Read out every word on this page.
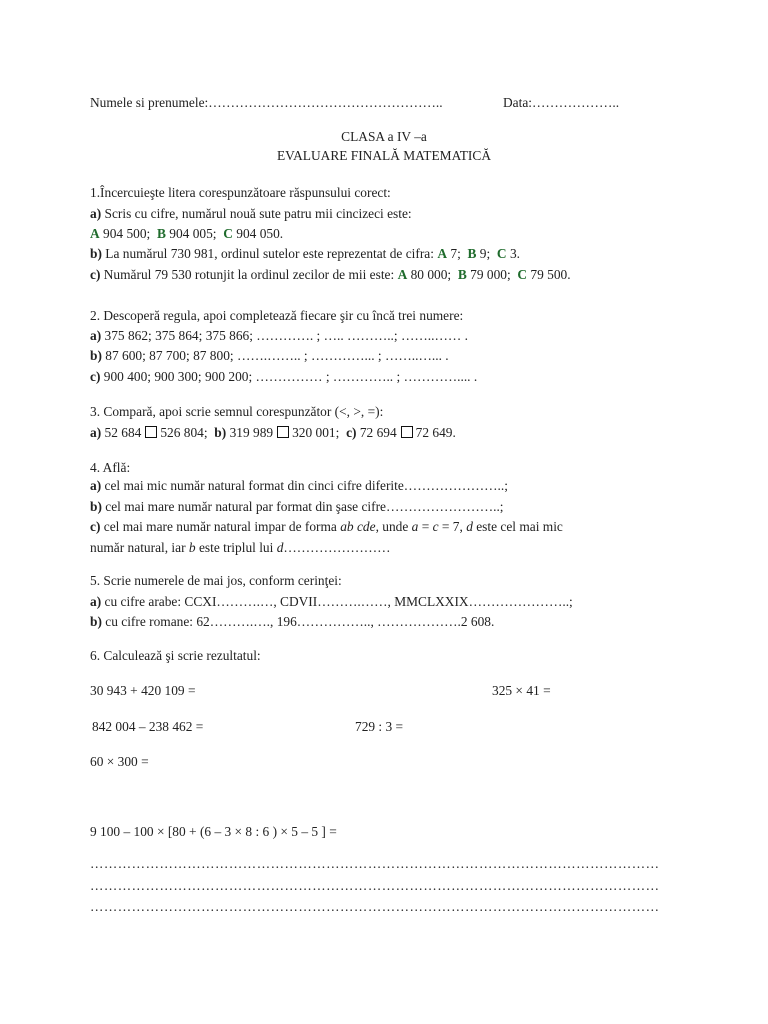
Numele si prenumele:……………………………………………..	Data:………………..
CLASA a IV –a
EVALUARE FINALĂ MATEMATICĂ
1.Încercuieşte litera corespunzătoare răspunsului corect:
a) Scris cu cifre, numărul nouă sute patru mii cincizeci este:
A 904 500; B 904 005; C 904 050.
b) La numărul 730 981, ordinul sutelor este reprezentat de cifra: A 7; B 9; C 3.
c) Numărul 79 530 rotunjit la ordinul zecilor de mii este: A 80 000; B 79 000; C 79 500.
2. Descoperă regula, apoi completează fiecare şir cu încă trei numere:
a) 375 862; 375 864; 375 866; …………. ; ….. ………..; ……..…… .
b) 87 600; 87 700; 87 800; …….…….. ; …………... ; ……..…... .
c) 900 400; 900 300; 900 200; …………… ; ………….. ; ………….... .
3. Compară, apoi scrie semnul corespunzător (<, >, =):
a) 52 684 526 804; b) 319 989 320 001; c) 72 694 72 649.
4. Află:
a) cel mai mic număr natural format din cinci cifre diferite…………………..;
b) cel mai mare număr natural par format din şase cifre……………………..;
c) cel mai mare număr natural impar de forma ab cde, unde a = c = 7, d este cel mai mic
număr natural, iar b este triplul lui d……………………
5. Scrie numerele de mai jos, conform cerinţei:
a) cu cifre arabe: CCXI……….…, CDVII……….……, MMCLXXIX…………………..;
b) cu cifre romane: 62……….…., 196…………….., ……………….2 608.
6. Calculează şi scrie rezultatul:
30 943 + 420 109 =	325 × 41 =
842 004 – 238 462 =	729 : 3 =
60 × 300 =
9 100 – 100 × [80 + (6 – 3 × 8 : 6 ) × 5 – 5 ] =
……………………………………………………………………………………………………………
……………………………………………………………………………………………………………
……………………………………………………………………………………………………………
